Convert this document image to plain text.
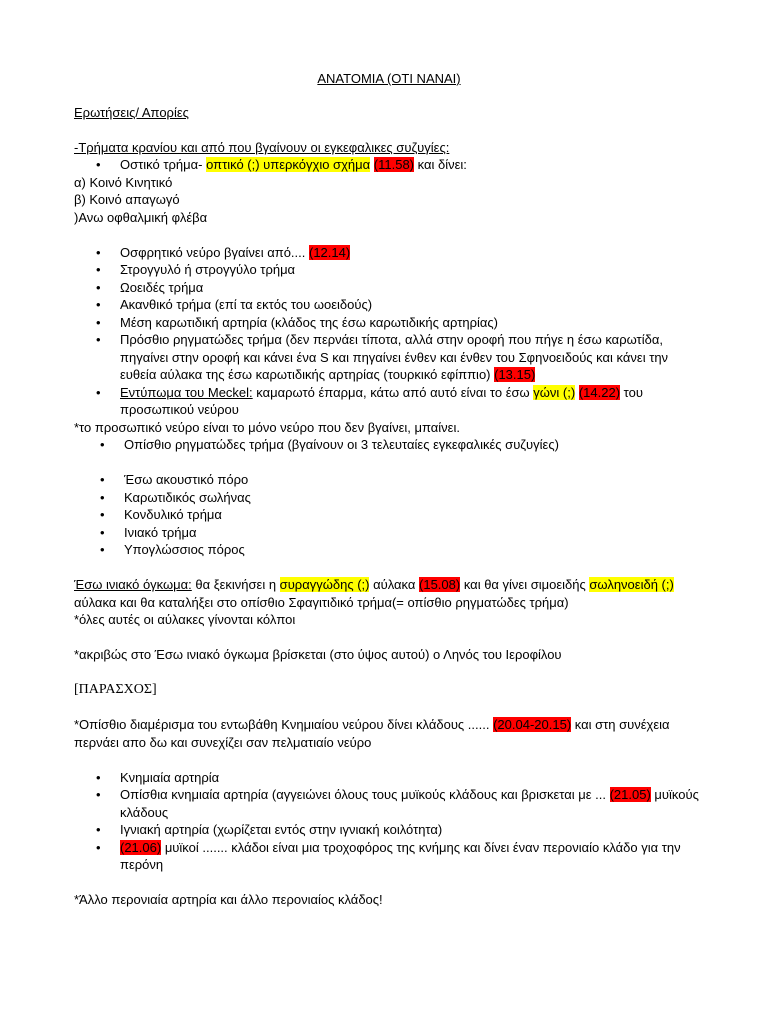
ΑΝΑΤΟΜΙΑ (ΟΤΙ ΝΑΝΑΙ)

Ερωτήσεις/ Απορίες

-Τρήματα κρανίου και από που βγαίνουν οι εγκεφαλικες συζυγίες:

• Οστικό τρήμα- οπτικό (;) υπερκόγχιο σχήμα (11.58) και δίνει:

α) Κοινό Κινητικό

β) Κοινό απαγωγό

)Ανω οφθαλμική φλέβα

• Οσφρητικό νεύρο βγαίνει από.... (12.14)
• Στρογγυλό ή στρογγύλο τρήμα
• Ωοειδές τρήμα
• Ακανθικό τρήμα (επί τα εκτός του ωοειδούς)
• Μέση καρωτιδική αρτηρία (κλάδος της έσω καρωτιδικής αρτηρίας)
• Πρόσθιο ρηγματώδες τρήμα (δεν περνάει τίποτα, αλλά στην οροφή που πήγε η έσω καρωτίδα, πηγαίνει στην οροφή και κάνει ένα S και πηγαίνει ένθεν και ένθεν του Σφηνοειδούς και κάνει την ευθεία αύλακα της έσω καρωτιδικής αρτηρίας (τουρκικό εφίππιο) (13.15)
• Εντύπωμα του Meckel: καμαρωτό έπαρμα, κάτω από αυτό είναι το έσω γώνι (;) (14.22) του προσωπικού νεύρου

*το προσωπικό νεύρο είναι το μόνο νεύρο που δεν βγαίνει, μπαίνει.

• Οπίσθιο ρηγματώδες τρήμα (βγαίνουν οι 3 τελευταίες εγκεφαλικές συζυγίες)
• Έσω ακουστικό πόρο
• Καρωτιδικός σωλήνας
• Κονδυλικό τρήμα
• Ινιακό τρήμα
• Υπογλώσσιος πόρος

Έσω ινιακό όγκωμα: θα ξεκινήσει η συραγγώδης (;) αύλακα (15.08) και θα γίνει σιμοειδής σωληνοειδή (;) αύλακα και θα καταλήξει στο οπίσθιο Σφαγιτιδικό τρήμα(= οπίσθιο ρηγματώδες τρήμα)

*όλες αυτές οι αύλακες γίνονται κόλποι

*ακριβώς στο Έσω ινιακό όγκωμα βρίσκεται (στο ύψος αυτού) ο Ληνός του Ιεροφίλου

[ΠΑΡΑΣΧΟΣ]

*Οπίσθιο διαμέρισμα του εντωβάθη Κνημιαίου νεύρου δίνει κλάδους ...... (20.04-20.15) και στη συνέχεια περνάει απο δω και συνεχίζει σαν πελματιαίο νεύρο

• Κνημιαία αρτηρία
• Οπίσθια κνημιαία αρτηρία (αγγειώνει όλους τους μυϊκούς κλάδους και βρισκεται με ... (21.05) μυϊκούς κλάδους
• Ιγνιακή αρτηρία (χωρίζεται εντός στην ιγνιακή κοιλότητα)
• (21.06) μυϊκοί ....... κλάδοι είναι μια τροχοφόρος της κνήμης και δίνει έναν περονιαίο κλάδο για την περόνη

*Άλλο περονιαία αρτηρία και άλλο περονιαίος κλάδος!
